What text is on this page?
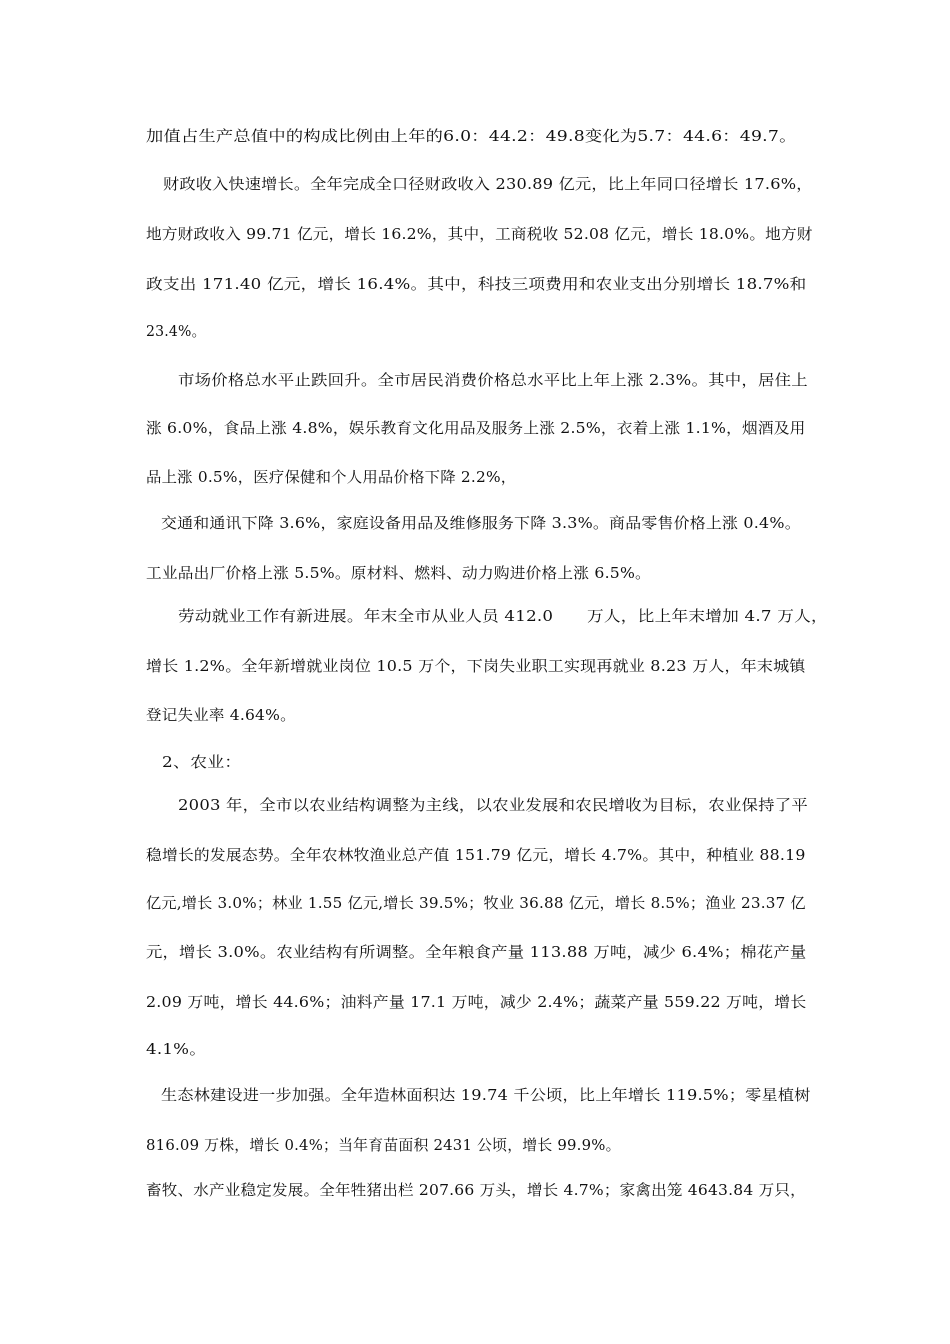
加值占生产总值中的构成比例由上年的6.0：44.2：49.8变化为5.7：44.6：49.7。
财政收入快速增长。全年完成全口径财政收入 230.89 亿元，比上年同口径增长 17.6%，
地方财政收入 99.71 亿元，增长 16.2%，其中，工商税收 52.08 亿元，增长 18.0%。地方财
政支出 171.40 亿元，增长 16.4%。其中，科技三项费用和农业支出分别增长 18.7%和
23.4%。
市场价格总水平止跌回升。全市居民消费价格总水平比上年上涨 2.3%。其中，居住上
涨 6.0%，食品上涨 4.8%，娱乐教育文化用品及服务上涨 2.5%，衣着上涨 1.1%，烟酒及用
品上涨 0.5%，医疗保健和个人用品价格下降 2.2%，
交通和通讯下降 3.6%，家庭设备用品及维修服务下降 3.3%。商品零售价格上涨 0.4%。
工业品出厂价格上涨 5.5%。原材料、燃料、动力购进价格上涨 6.5%。
劳动就业工作有新进展。年末全市从业人员 412.0　　万人，比上年末增加 4.7 万人，
增长 1.2%。全年新增就业岗位 10.5 万个，下岗失业职工实现再就业 8.23 万人，年末城镇
登记失业率 4.64%。
2、农业：
2003 年，全市以农业结构调整为主线，以农业发展和农民增收为目标，农业保持了平
稳增长的发展态势。全年农林牧渔业总产值 151.79 亿元，增长 4.7%。其中，种植业 88.19
亿元,增长 3.0%；林业 1.55 亿元,增长 39.5%；牧业 36.88 亿元，增长 8.5%；渔业 23.37 亿
元，增长 3.0%。农业结构有所调整。全年粮食产量 113.88 万吨，减少 6.4%；棉花产量
2.09 万吨，增长 44.6%；油料产量 17.1 万吨，减少 2.4%；蔬菜产量 559.22 万吨，增长
4.1%。
生态林建设进一步加强。全年造林面积达 19.74 千公顷，比上年增长 119.5%；零星植树
816.09 万株，增长 0.4%；当年育苗面积 2431 公顷，增长 99.9%。
畜牧、水产业稳定发展。全年牲猪出栏 207.66 万头，增长 4.7%；家禽出笼 4643.84 万只，
